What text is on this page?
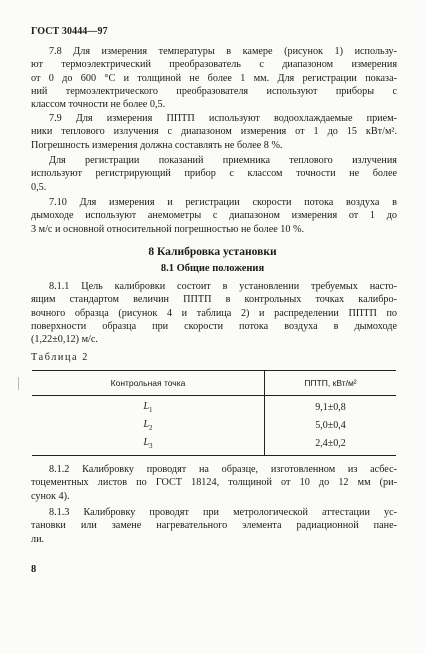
ГОСТ 30444—97
7.8 Для измерения температуры в камере (рисунок 1) использу-
ют термоэлектрический преобразователь с диапазоном измерения
от 0 до 600 °C и толщиной не более 1 мм. Для регистрации показа-
ний термоэлектрического преобразователя используют приборы с
классом точности не более 0,5.
7.9 Для измерения ППТП используют водоохлаждаемые прием-
ники теплового излучения с диапазоном измерения от 1 до 15 кВт/м².
Погрешность измерения должна составлять не более 8 %.
Для регистрации показаний приемника теплового излучения
используют регистрирующий прибор с классом точности не более
0,5.
7.10 Для измерения и регистрации скорости потока воздуха в
дымоходе используют анемометры с диапазоном измерения от 1 до
3 м/с и основной относительной погрешностью не более 10 %.
8 Калибровка установки
8.1 Общие положения
8.1.1 Цель калибровки состоит в установлении требуемых насто-
ящим стандартом величин ППТП в контрольных точках калибро-
вочного образца (рисунок 4 и таблица 2) и распределении ППТП по
поверхности образца при скорости потока воздуха в дымоходе
(1,22±0,12) м/с.
Таблица 2
Контрольная точка	ППТП, кВт/м²
$L_1$	9,1±0,8
$L_2$	5,0±0,4
$L_3$	2,4±0,2
8.1.2 Калибровку проводят на образце, изготовленном из асбес-
тоцементных листов по ГОСТ 18124, толщиной от 10 до 12 мм (ри-
сунок 4).
8.1.3 Калибровку проводят при метрологической аттестации ус-
тановки или замене нагревательного элемента радиационной пане-
ли.
8
